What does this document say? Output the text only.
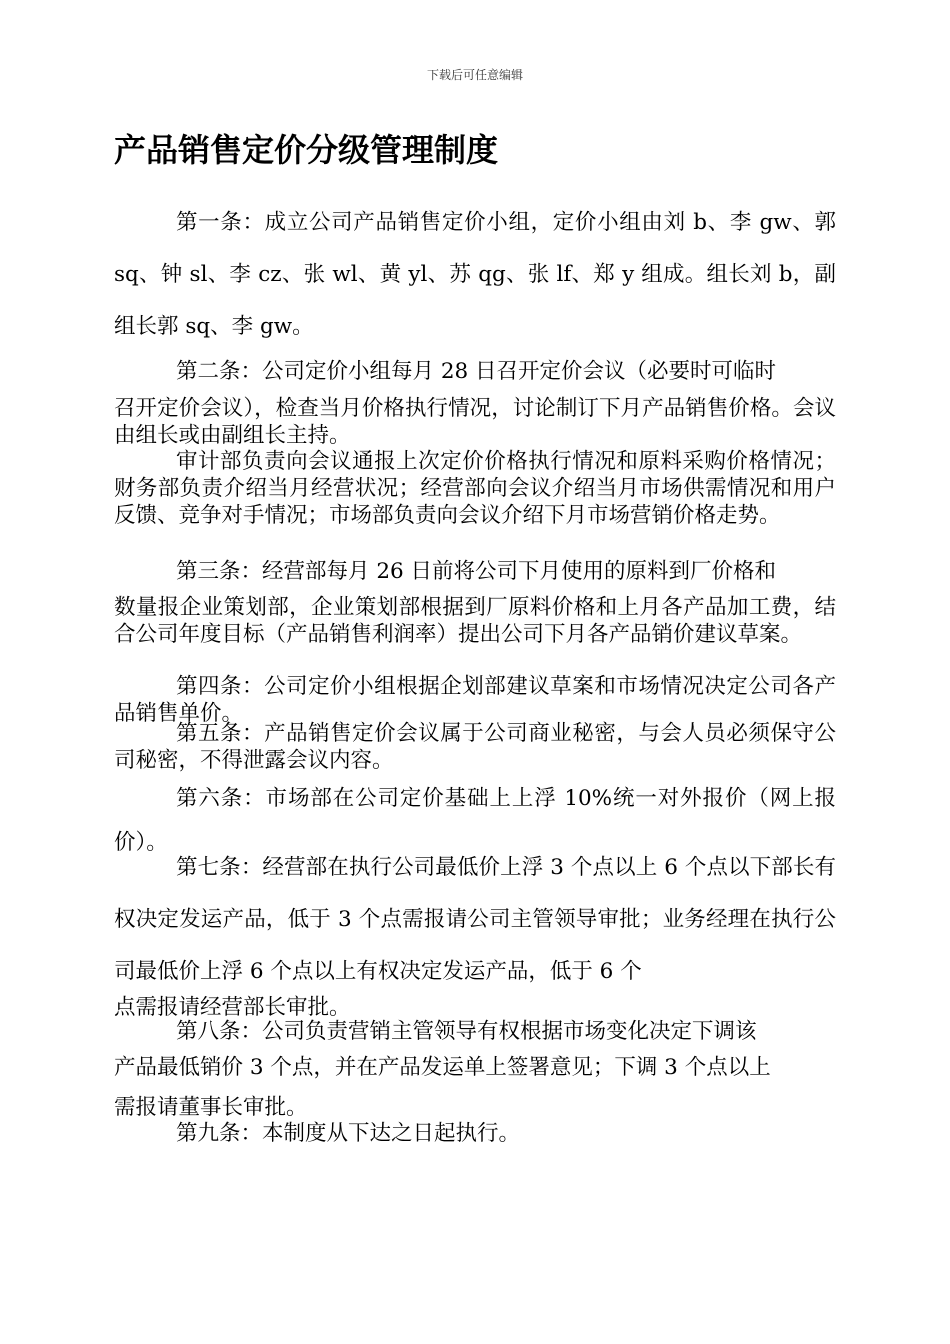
下载后可任意编辑
产品销售定价分级管理制度

第一条：成立公司产品销售定价小组，定价小组由刘 b、李 gw、郭 sq、钟 sl、李 cz、张 wl、黄 yl、苏 qg、张 lf、郑 y 组成。组长刘 b，副组长郭 sq、李 gw。

第二条：公司定价小组每月 28 日召开定价会议（必要时可临时

召开定价会议），检查当月价格执行情况，讨论制订下月产品销售价格。会议由组长或由副组长主持。

审计部负责向会议通报上次定价价格执行情况和原料采购价格情况；财务部负责介绍当月经营状况；经营部向会议介绍当月市场供需情况和用户反馈、竞争对手情况；市场部负责向会议介绍下月市场营销价格走势。

第三条：经营部每月 26 日前将公司下月使用的原料到厂价格和

数量报企业策划部，企业策划部根据到厂原料价格和上月各产品加工费，结合公司年度目标（产品销售利润率）提出公司下月各产品销价建议草案。

第四条：公司定价小组根据企划部建议草案和市场情况决定公司各产品销售单价。

第五条：产品销售定价会议属于公司商业秘密，与会人员必须保守公司秘密，不得泄露会议内容。

第六条：市场部在公司定价基础上上浮 10%统一对外报价（网上报价）。

第七条：经营部在执行公司最低价上浮 3 个点以上 6 个点以下部长有权决定发运产品，低于 3 个点需报请公司主管领导审批；业务经理在执行公司最低价上浮 6 个点以上有权决定发运产品，低于 6 个

点需报请经营部长审批。

第八条：公司负责营销主管领导有权根据市场变化决定下调该

产品最低销价 3 个点，并在产品发运单上签署意见；下调 3 个点以上

需报请董事长审批。

第九条：本制度从下达之日起执行。
